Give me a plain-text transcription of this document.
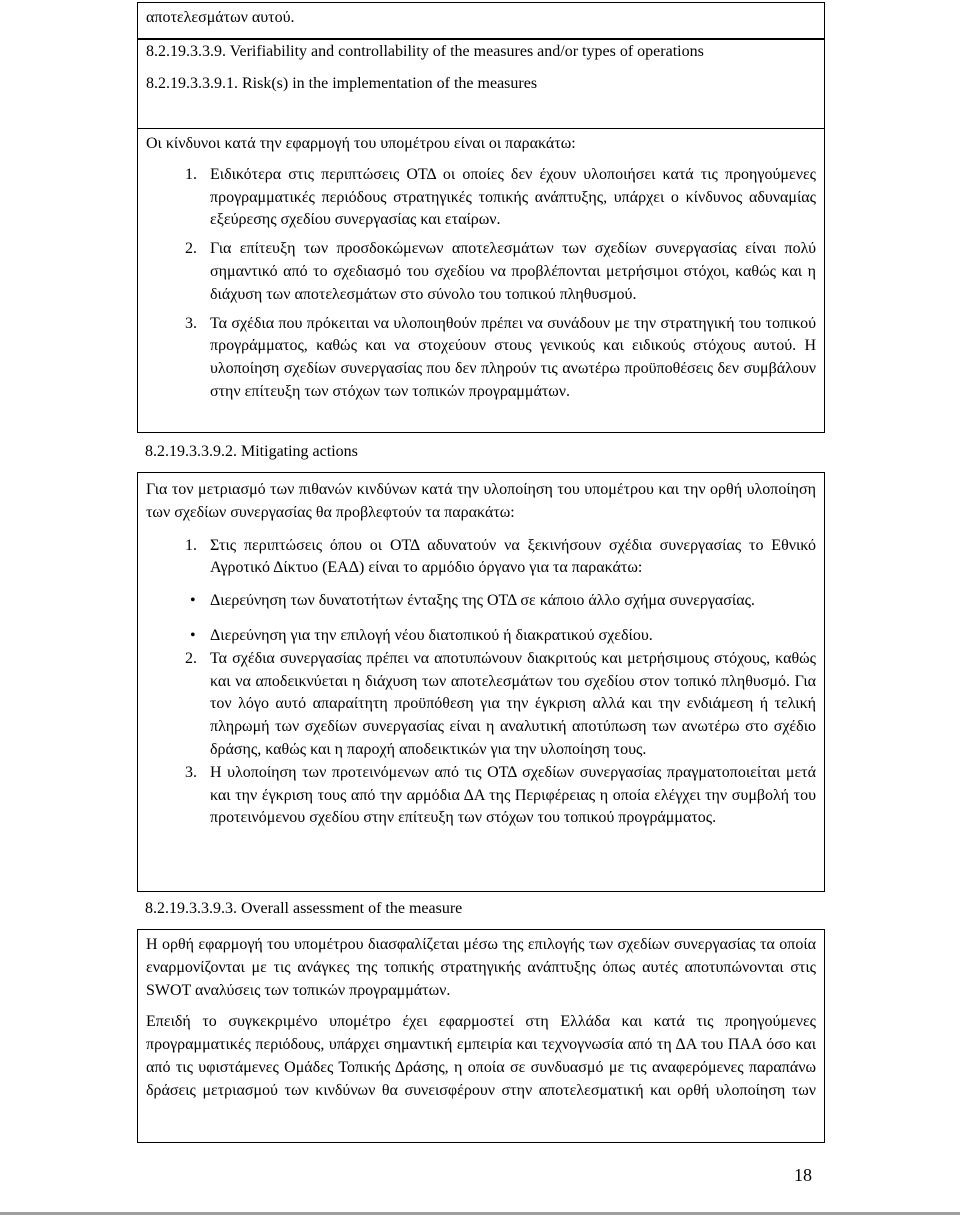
αποτελεσμάτων αυτού.

8.2.19.3.3.9. Verifiability and controllability of the measures and/or types of operations

8.2.19.3.3.9.1. Risk(s) in the implementation of the measures

Οι κίνδυνοι κατά την εφαρμογή του υπομέτρου είναι οι παρακάτω:

1. Ειδικότερα στις περιπτώσεις ΟΤΔ οι οποίες δεν έχουν υλοποιήσει κατά τις προηγούμενες προγραμματικές περιόδους στρατηγικές τοπικής ανάπτυξης, υπάρχει ο κίνδυνος αδυναμίας εξεύρεσης σχεδίου συνεργασίας και εταίρων.
2. Για επίτευξη των προσδοκώμενων αποτελεσμάτων των σχεδίων συνεργασίας είναι πολύ σημαντικό από το σχεδιασμό του σχεδίου να προβλέπονται μετρήσιμοι στόχοι, καθώς και η διάχυση των αποτελεσμάτων στο σύνολο του τοπικού πληθυσμού.
3. Τα σχέδια που πρόκειται να υλοποιηθούν πρέπει να συνάδουν με την στρατηγική του τοπικού προγράμματος, καθώς και να στοχεύουν στους γενικούς και ειδικούς στόχους αυτού. Η υλοποίηση σχεδίων συνεργασίας που δεν πληρούν τις ανωτέρω προϋποθέσεις δεν συμβάλουν στην επίτευξη των στόχων των τοπικών προγραμμάτων.
8.2.19.3.3.9.2. Mitigating actions

Για τον μετριασμό των πιθανών κινδύνων κατά την υλοποίηση του υπομέτρου και την ορθή υλοποίηση των σχεδίων συνεργασίας θα προβλεφτούν τα παρακάτω:

1. Στις περιπτώσεις όπου οι ΟΤΔ αδυνατούν να ξεκινήσουν σχέδια συνεργασίας το Εθνικό Αγροτικό Δίκτυο (ΕΑΔ) είναι το αρμόδιο όργανο για τα παρακάτω:
• Διερεύνηση των δυνατοτήτων ένταξης της ΟΤΔ σε κάποιο άλλο σχήμα συνεργασίας.
• Διερεύνηση για την επιλογή νέου διατοπικού ή διακρατικού σχεδίου.
2. Τα σχέδια συνεργασίας πρέπει να αποτυπώνουν διακριτούς και μετρήσιμους στόχους, καθώς και να αποδεικνύεται η διάχυση των αποτελεσμάτων του σχεδίου στον τοπικό πληθυσμό. Για τον λόγο αυτό απαραίτητη προϋπόθεση για την έγκριση αλλά και την ενδιάμεση ή τελική πληρωμή των σχεδίων συνεργασίας είναι η αναλυτική αποτύπωση των ανωτέρω στο σχέδιο δράσης, καθώς και η παροχή αποδεικτικών για την υλοποίηση τους.
3. Η υλοποίηση των προτεινόμενων από τις ΟΤΔ σχεδίων συνεργασίας πραγματοποιείται μετά και την έγκριση τους από την αρμόδια ΔΑ της Περιφέρειας η οποία ελέγχει την συμβολή του προτεινόμενου σχεδίου στην επίτευξη των στόχων του τοπικού προγράμματος.
8.2.19.3.3.9.3. Overall assessment of the measure

Η ορθή εφαρμογή του υπομέτρου διασφαλίζεται μέσω της επιλογής των σχεδίων συνεργασίας τα οποία εναρμονίζονται με τις ανάγκες της τοπικής στρατηγικής ανάπτυξης όπως αυτές αποτυπώνονται στις SWOT αναλύσεις των τοπικών προγραμμάτων.

Επειδή το συγκεκριμένο υπομέτρο έχει εφαρμοστεί στη Ελλάδα και κατά τις προηγούμενες προγραμματικές περιόδους, υπάρχει σημαντική εμπειρία και τεχνογνωσία από τη ΔΑ του ΠΑΑ όσο και από τις υφιστάμενες Ομάδες Τοπικής Δράσης, η οποία σε συνδυασμό με τις αναφερόμενες παραπάνω δράσεις μετριασμού των κινδύνων θα συνεισφέρουν στην αποτελεσματική και ορθή υλοποίηση των

18
